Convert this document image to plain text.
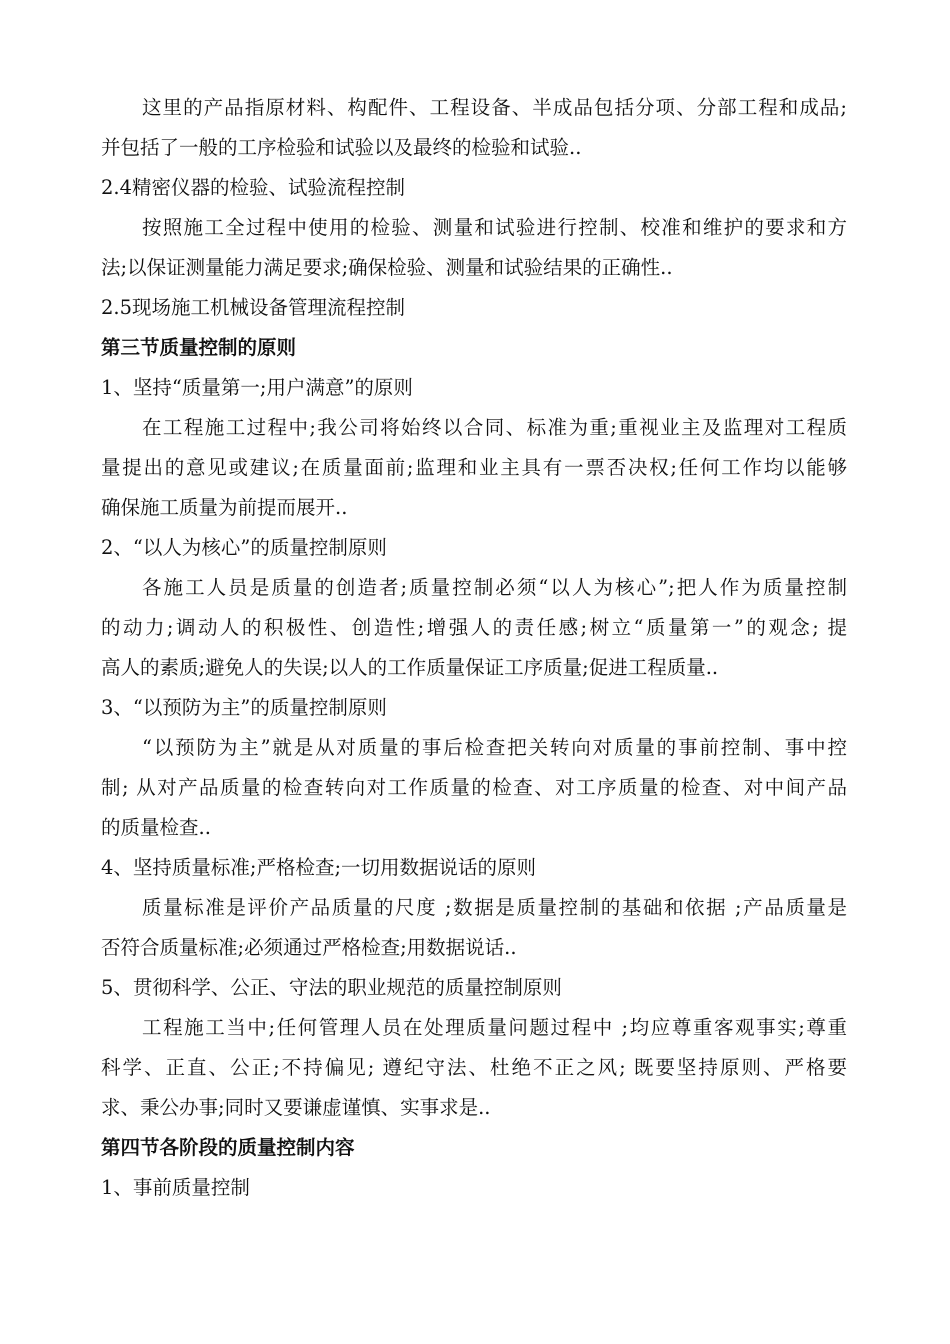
这里的产品指原材料、构配件、工程设备、半成品包括分项、分部工程和成品;
并包括了一般的工序检验和试验以及最终的检验和试验..
2.4精密仪器的检验、试验流程控制
按照施工全过程中使用的检验、测量和试验进行控制、校准和维护的要求和方
法;以保证测量能力满足要求;确保检验、测量和试验结果的正确性..
2.5现场施工机械设备管理流程控制
第三节质量控制的原则
1、坚持“质量第一;用户满意”的原则
在工程施工过程中;我公司将始终以合同、标准为重;重视业主及监理对工程质
量提出的意见或建议;在质量面前;监理和业主具有一票否决权;任何工作均以能够
确保施工质量为前提而展开..
2、“以人为核心”的质量控制原则
各施工人员是质量的创造者;质量控制必须“以人为核心”;把人作为质量控制
的动力;调动人的积极性、创造性;增强人的责任感;树立“质量第一”的观念; 提
高人的素质;避免人的失误;以人的工作质量保证工序质量;促进工程质量..
3、“以预防为主”的质量控制原则
“以预防为主”就是从对质量的事后检查把关转向对质量的事前控制、事中控
制; 从对产品质量的检查转向对工作质量的检查、对工序质量的检查、对中间产品
的质量检查..
4、坚持质量标准;严格检查;一切用数据说话的原则
质量标准是评价产品质量的尺度 ;数据是质量控制的基础和依据 ;产品质量是
否符合质量标准;必须通过严格检查;用数据说话..
5、贯彻科学、公正、守法的职业规范的质量控制原则
工程施工当中;任何管理人员在处理质量问题过程中 ;均应尊重客观事实;尊重
科学、正直、公正;不持偏见; 遵纪守法、杜绝不正之风; 既要坚持原则、严格要
求、秉公办事;同时又要谦虚谨慎、实事求是..
第四节各阶段的质量控制内容
1、事前质量控制
